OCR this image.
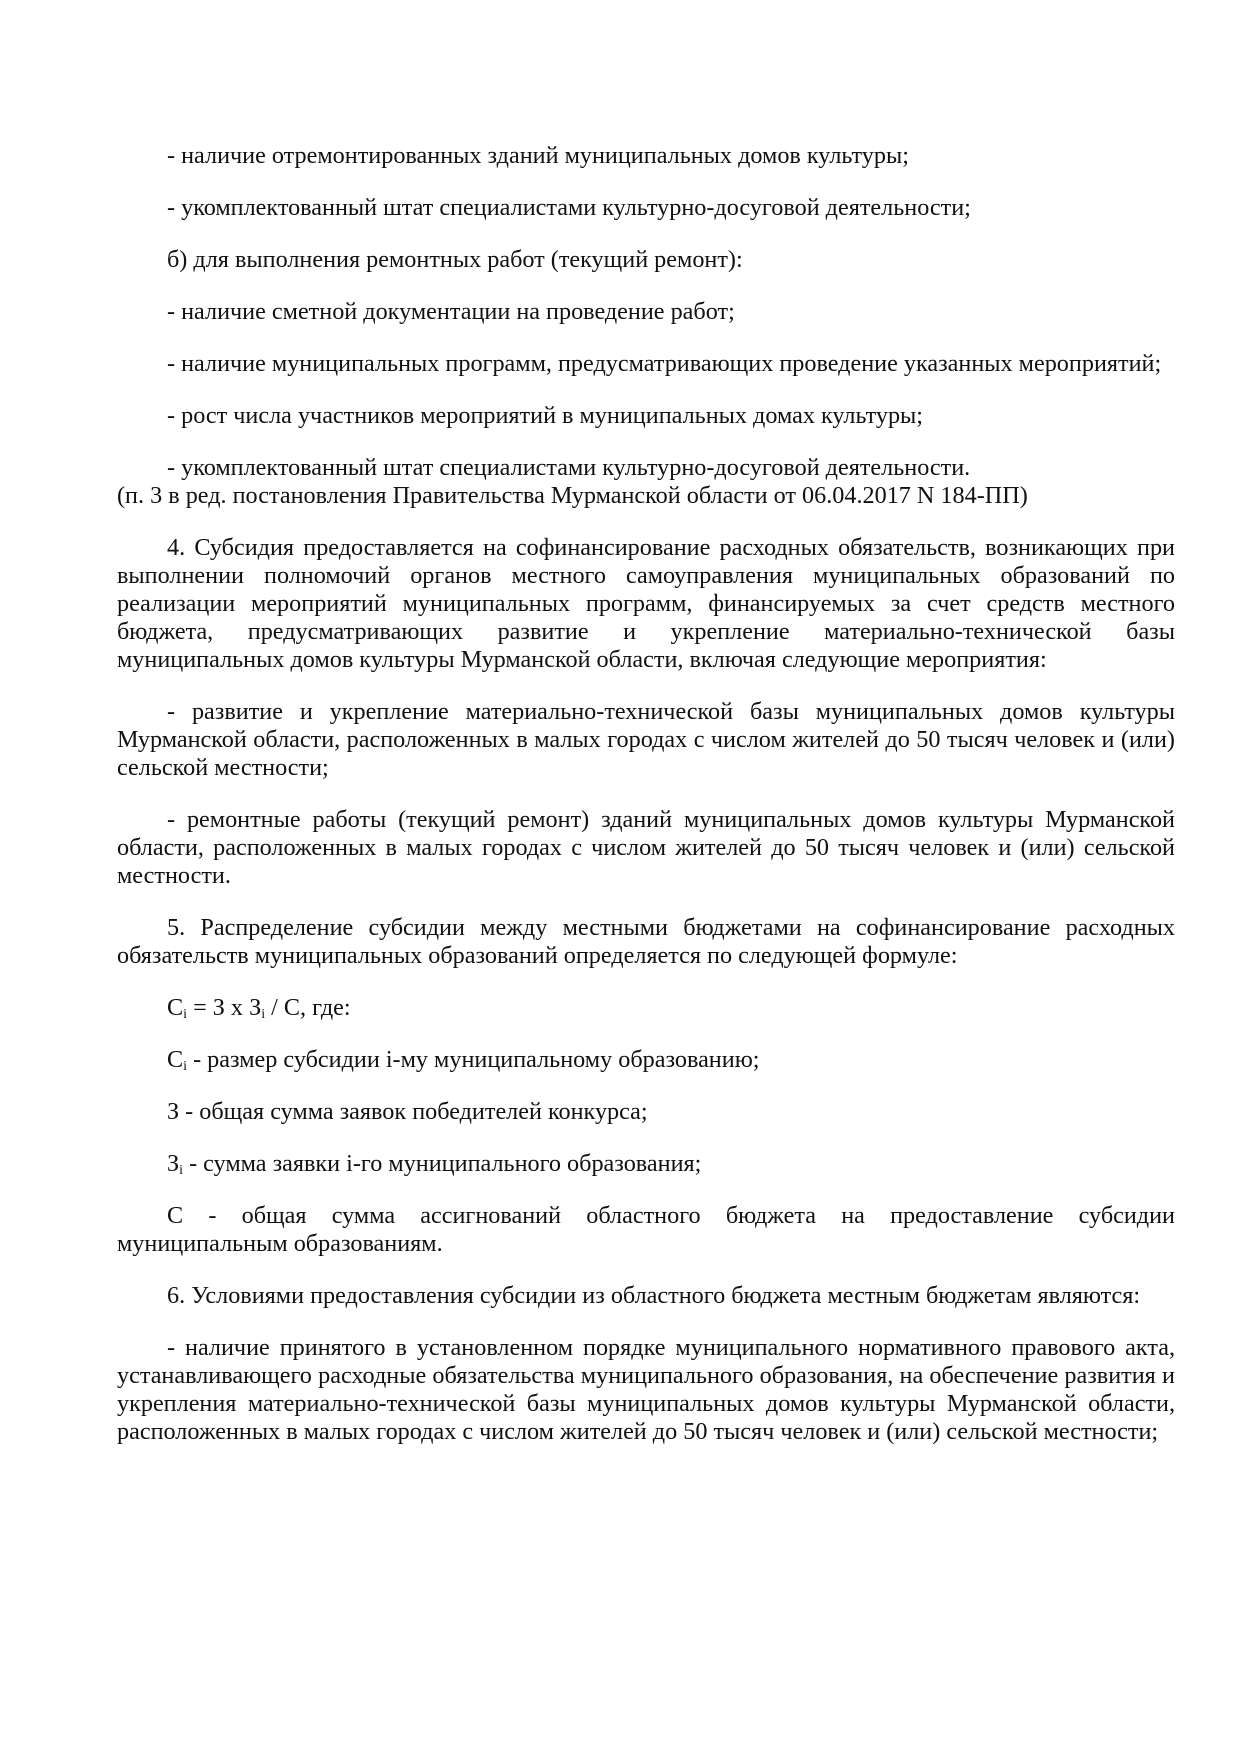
- наличие отремонтированных зданий муниципальных домов культуры;

- укомплектованный штат специалистами культурно-досуговой деятельности;

б) для выполнения ремонтных работ (текущий ремонт):

- наличие сметной документации на проведение работ;

- наличие муниципальных программ, предусматривающих проведение указанных мероприятий;

- рост числа участников мероприятий в муниципальных домах культуры;

- укомплектованный штат специалистами культурно-досуговой деятельности.

(п. 3 в ред. постановления Правительства Мурманской области от 06.04.2017 N 184-ПП)

4. Субсидия предоставляется на софинансирование расходных обязательств, возникающих при выполнении полномочий органов местного самоуправления муниципальных образований по реализации мероприятий муниципальных программ, финансируемых за счет средств местного бюджета, предусматривающих развитие и укрепление материально-технической базы муниципальных домов культуры Мурманской области, включая следующие мероприятия:

- развитие и укрепление материально-технической базы муниципальных домов культуры Мурманской области, расположенных в малых городах с числом жителей до 50 тысяч человек и (или) сельской местности;

- ремонтные работы (текущий ремонт) зданий муниципальных домов культуры Мурманской области, расположенных в малых городах с числом жителей до 50 тысяч человек и (или) сельской местности.

5. Распределение субсидии между местными бюджетами на софинансирование расходных обязательств муниципальных образований определяется по следующей формуле:

$C_i = З$ x $З_i$ / С, где:

$C_i$ - размер субсидии i-му муниципальному образованию;

З - общая сумма заявок победителей конкурса;

$З_i$ - сумма заявки i-го муниципального образования;

С - общая сумма ассигнований областного бюджета на предоставление субсидии муниципальным образованиям.

6. Условиями предоставления субсидии из областного бюджета местным бюджетам являются:

- наличие принятого в установленном порядке муниципального нормативного правового акта, устанавливающего расходные обязательства муниципального образования, на обеспечение развития и укрепления материально-технической базы муниципальных домов культуры Мурманской области, расположенных в малых городах с числом жителей до 50 тысяч человек и (или) сельской местности;
